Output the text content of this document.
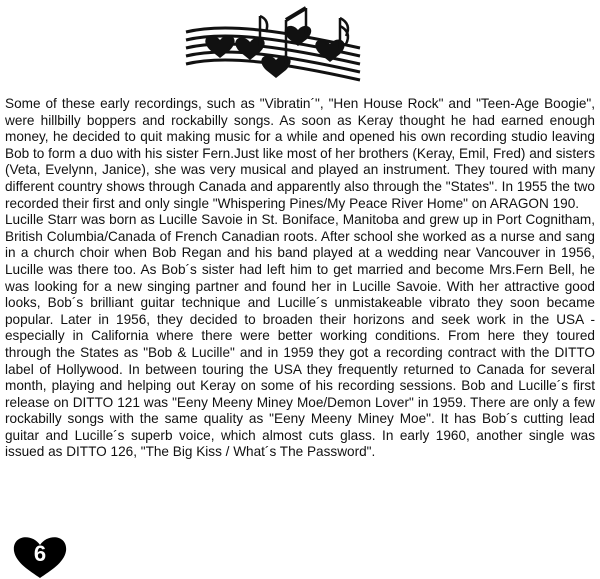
Some of these early recordings, such as "Vibratin´", "Hen House Rock" and "Teen-Age Boogie", were hillbilly boppers and rockabilly songs. As soon as Keray thought he had earned enough money, he decided to quit making music for a while and opened his own recording studio leaving Bob to form a duo with his sister Fern.Just like most of her brothers (Keray, Emil, Fred) and sisters (Veta, Evelynn, Janice), she was very musical and played an instrument. They toured with many different country shows through Canada and apparently also through the "States". In 1955 the two recorded their first and only single "Whispering Pines/My Peace River Home" on ARAGON 190.

Lucille Starr was born as Lucille Savoie in St. Boniface, Manitoba and grew up in Port Cognitham, British Columbia/Canada of French Canadian roots. After school she worked as a nurse and sang in a church choir when Bob Regan and his band played at a wedding near Vancouver in 1956, Lucille was there too. As Bob´s sister had left him to get married and become Mrs.Fern Bell, he was looking for a new singing partner and found her in Lucille Savoie. With her attractive good looks, Bob´s brilliant guitar technique and Lucille´s unmistakeable vibrato they soon became popular. Later in 1956, they decided to broaden their horizons and seek work in the USA - especially in California where there were better working conditions. From here they toured through the States as "Bob & Lucille" and in 1959 they got a recording contract with the DITTO label of Hollywood. In between touring the USA they frequently returned to Canada for several month, playing and helping out Keray on some of his recording sessions. Bob and Lucille´s first release on DITTO 121 was "Eeny Meeny Miney Moe/Demon Lover" in 1959. There are only a few rockabilly songs with the same quality as "Eeny Meeny Miney Moe". It has Bob´s cutting lead guitar and Lucille´s superb voice, which almost cuts glass. In early 1960, another single was issued as DITTO 126, "The Big Kiss / What´s The Password".

6
